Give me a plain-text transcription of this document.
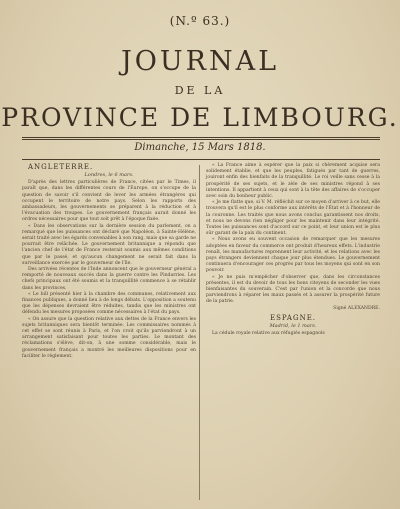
(N.º 63.)
JOURNAL
DE LA
PROVINCE DE LIMBOURG.
Dimanche, 15 Mars 1818.
ANGLETERRE.
Londres, le 6 mars.

D'après des lettres particulières de France, citées par le Times, il paraît que, dans les différentes cours de l'Europe, on s'occupe de la question de savoir s'il convient de lever les armées étrangères qui occupent le territoire de notre pays. Selon les rapports des ambassadeurs, les gouvernements se préparent à la réduction et à l'évacuation des troupes. Le gouvernement français aurait donné les ordres nécessaires pour que tout soit prêt à l'époque fixée.

« Dans les observations sur la dernière session du parlement, on a remarqué que les puissances ont déclaré que Napoléon, à Sainte-Hélène, serait traité avec les égards convenables à son rang, mais que sa garde ne pourrait être relâchée. Le gouvernement britannique a répondu que l'ancien chef de l'état de France resterait soumis aux mêmes conditions que par le passé, et qu'aucun changement ne serait fait dans la surveillance exercée par le gouverneur de l'île.

Des arrivées récentes de l'Inde annoncent que le gouverneur général a remporté de nouveaux succès dans la guerre contre les Pindarries. Les chefs principaux ont été soumis et la tranquillité commence à se rétablir dans les provinces.

« Le bill présenté hier à la chambre des communes, relativement aux finances publiques, a donné lieu à de longs débats. L'opposition a soutenu que les dépenses devraient être réduites, tandis que les ministres ont défendu les mesures proposées comme nécessaires à l'état du pays.

« On assure que la question relative aux dettes de la France envers les sujets britanniques sera bientôt terminée. Les commissaires nommés à cet effet se sont réunis à Paris, et l'on croit qu'ils parviendront à un arrangement satisfaisant pour toutes les parties. Le montant des réclamations s'élève, dit-on, à une somme considérable, mais le gouvernement français a montré les meilleures dispositions pour en faciliter le règlement.

« La France aime à espérer que la paix si chèrement acquise sera solidement établie, et que les peuples, fatigués par tant de guerres, jouiront enfin des bienfaits de la tranquillité. Le roi veille sans cesse à la prospérité de ses sujets, et le zèle de ses ministres répond à ses intentions. Il appartient à ceux qui sont à la tête des affaires de s'occuper avec soin du bonheur public.

« Je me flatte que, si V. M. réfléchit sur ce moyen d'arriver à ce but, elle trouvera qu'il est le plus conforme aux intérêts de l'État et à l'honneur de la couronne. Les traités que nous avons conclus garantissent nos droits, et nous ne devons rien négliger pour les maintenir dans leur intégrité. Toutes les puissances sont d'accord sur ce point, et leur union est le plus sûr garant de la paix du continent.

« Nous avons eu souvent occasion de remarquer que les mesures adoptées en faveur du commerce ont produit d'heureux effets. L'industrie renaît, les manufactures reprennent leur activité, et les relations avec les pays étrangers deviennent chaque jour plus étendues. Le gouvernement continuera d'encourager ces progrès par tous les moyens qui sont en son pouvoir.

« Je ne puis m'empêcher d'observer que, dans les circonstances présentes, il est du devoir de tous les bons citoyens de seconder les vues bienfaisantes du souverain. C'est par l'union et la concorde que nous parviendrons à réparer les maux passés et à assurer la prospérité future de la patrie.

Signé ALEXANDRE.

ESPAGNE.
Madrid, le 1 mars.

La cédule royale relative aux réfugiés espagnols
